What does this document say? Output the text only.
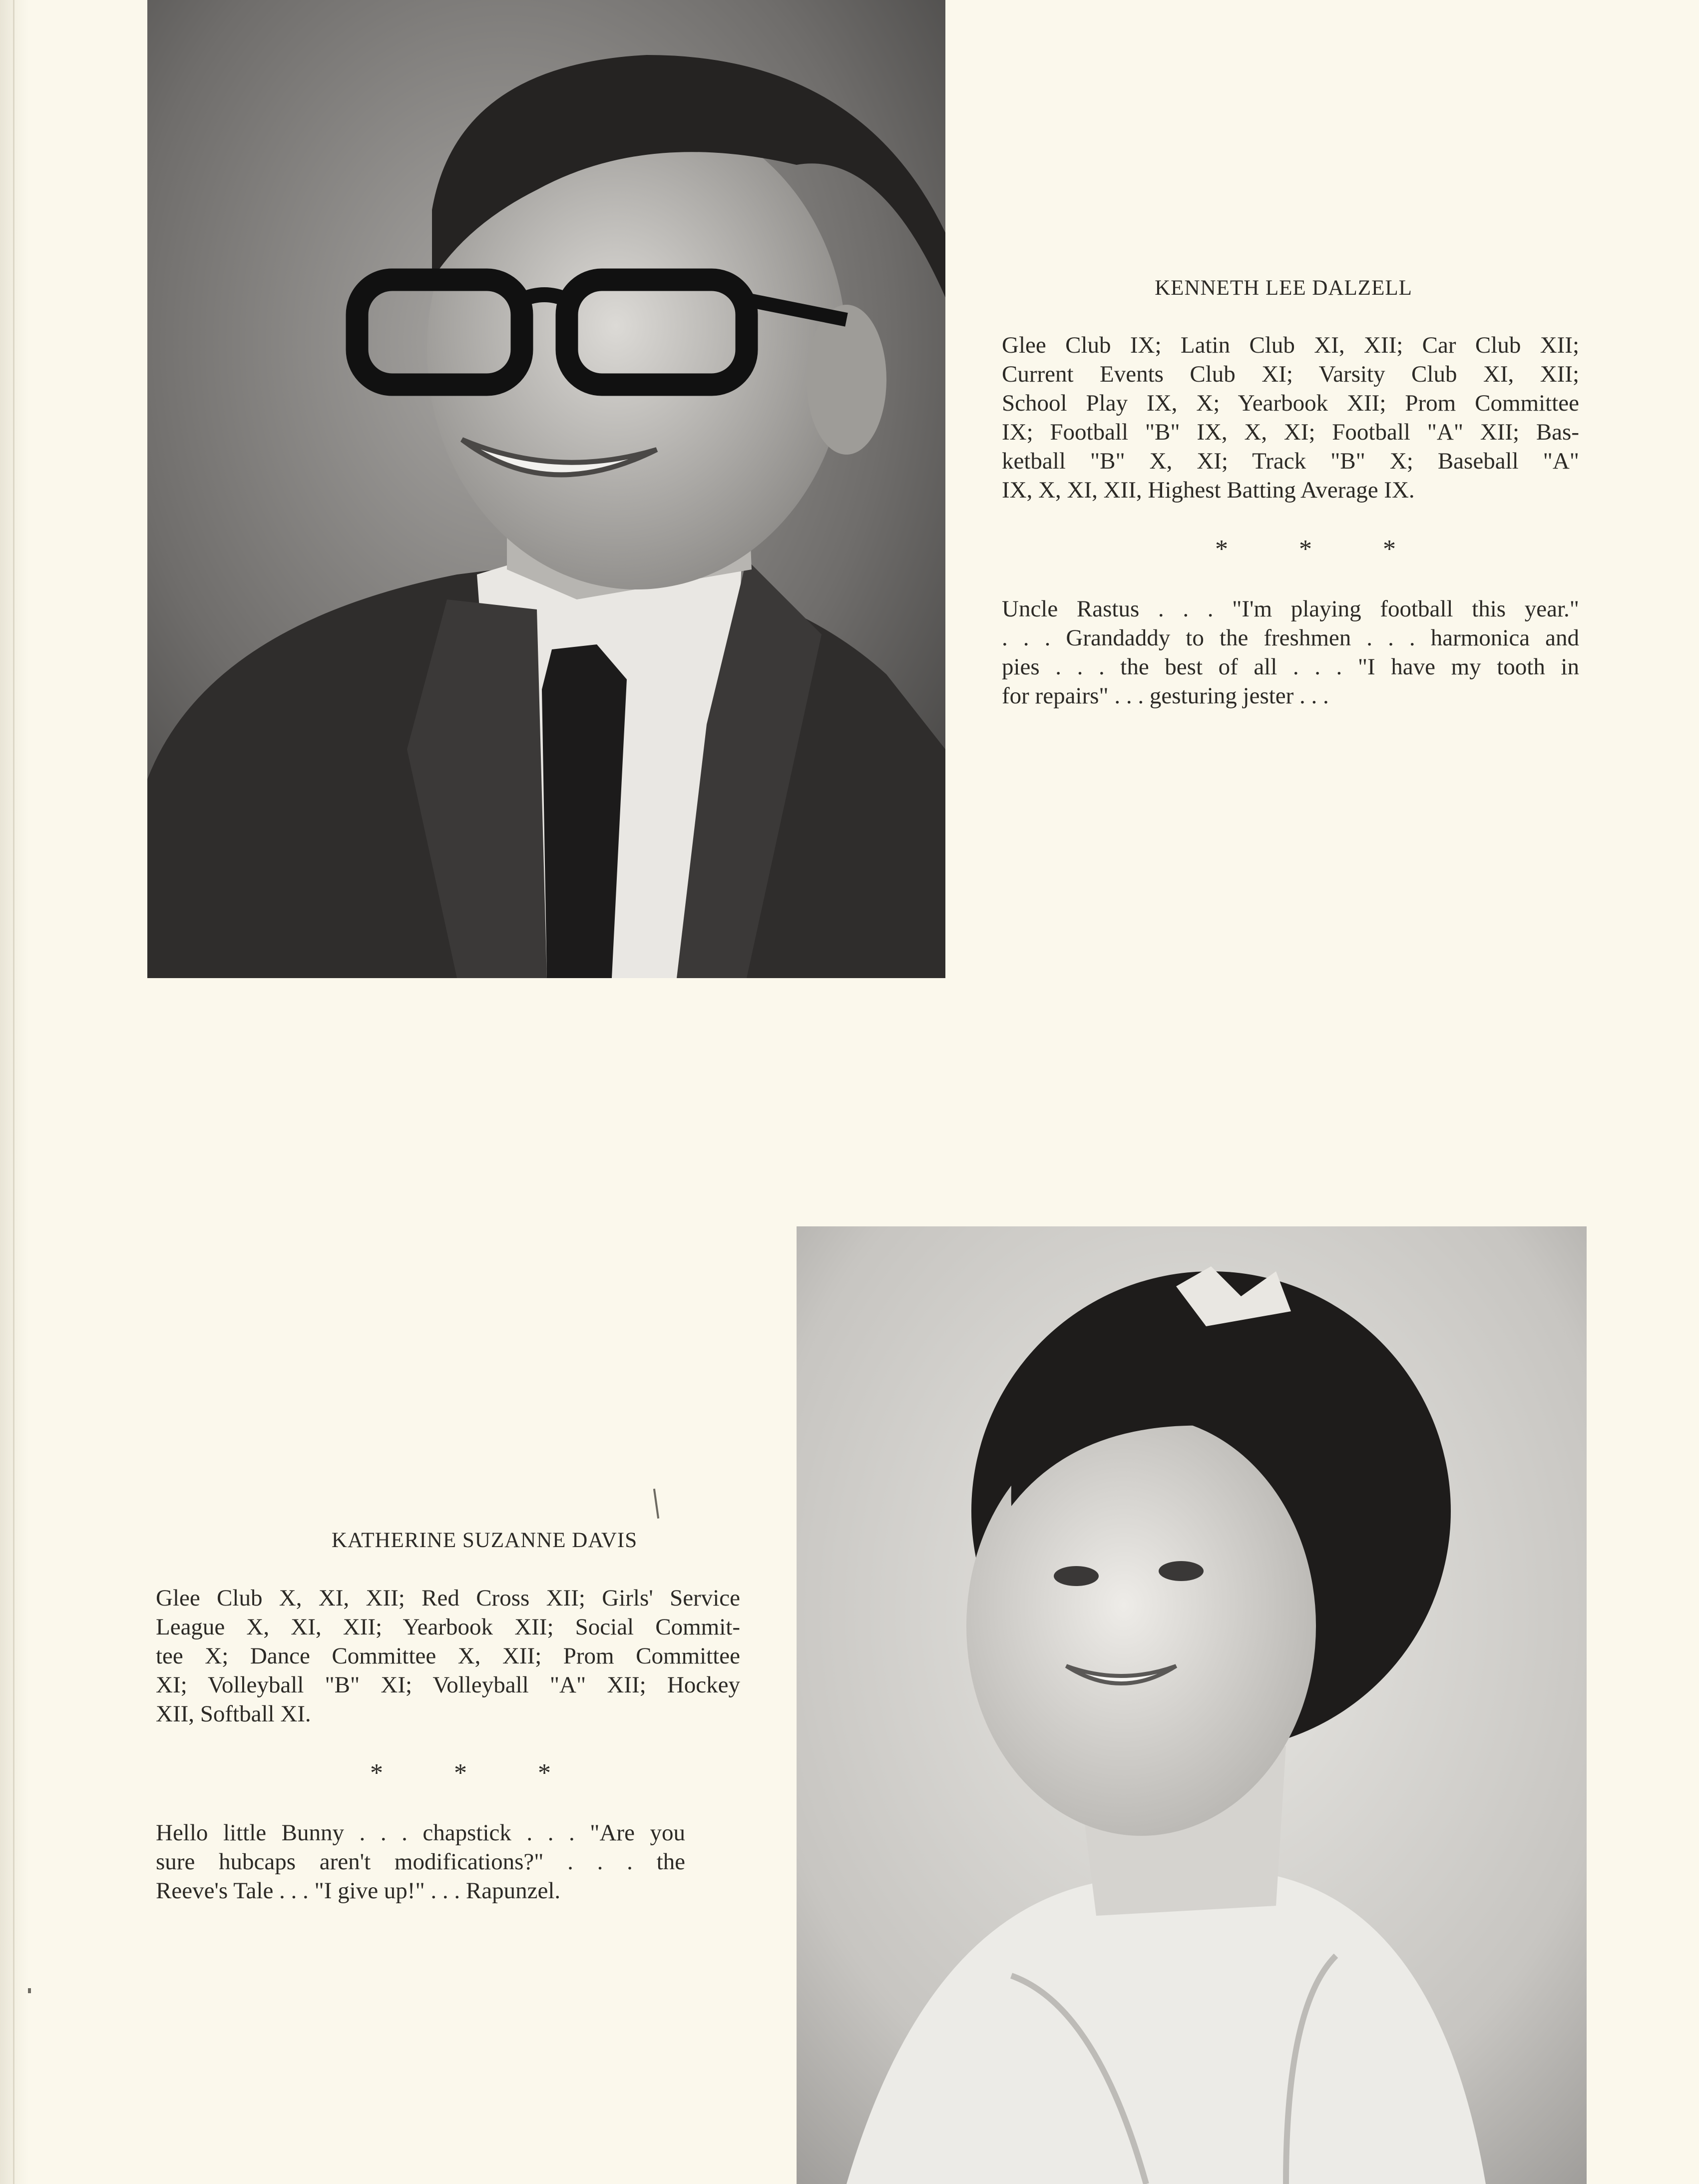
KENNETH LEE DALZELL
Glee Club IX; Latin Club XI, XII; Car Club XII;
Current Events Club XI; Varsity Club XI, XII;
School Play IX, X; Yearbook XII; Prom Committee
IX; Football "B" IX, X, XI; Football "A" XII; Bas-
ketball "B" X, XI; Track "B" X; Baseball "A"
IX, X, XI, XII, Highest Batting Average IX.
*	*	*
Uncle Rastus . . . "I'm playing football this year."
. . . Grandaddy to the freshmen . . . harmonica and
pies . . . the best of all . . . "I have my tooth in
for repairs" . . . gesturing jester . . .
KATHERINE SUZANNE DAVIS
Glee Club X, XI, XII; Red Cross XII; Girls' Service
League X, XI, XII; Yearbook XII; Social Commit-
tee X; Dance Committee X, XII; Prom Committee
XI; Volleyball "B" XI; Volleyball "A" XII; Hockey
XII, Softball XI.
*	*	*
Hello little Bunny . . . chapstick . . . "Are you
sure hubcaps aren't modifications?" . . . the
Reeve's Tale . . . "I give up!" . . . Rapunzel.
